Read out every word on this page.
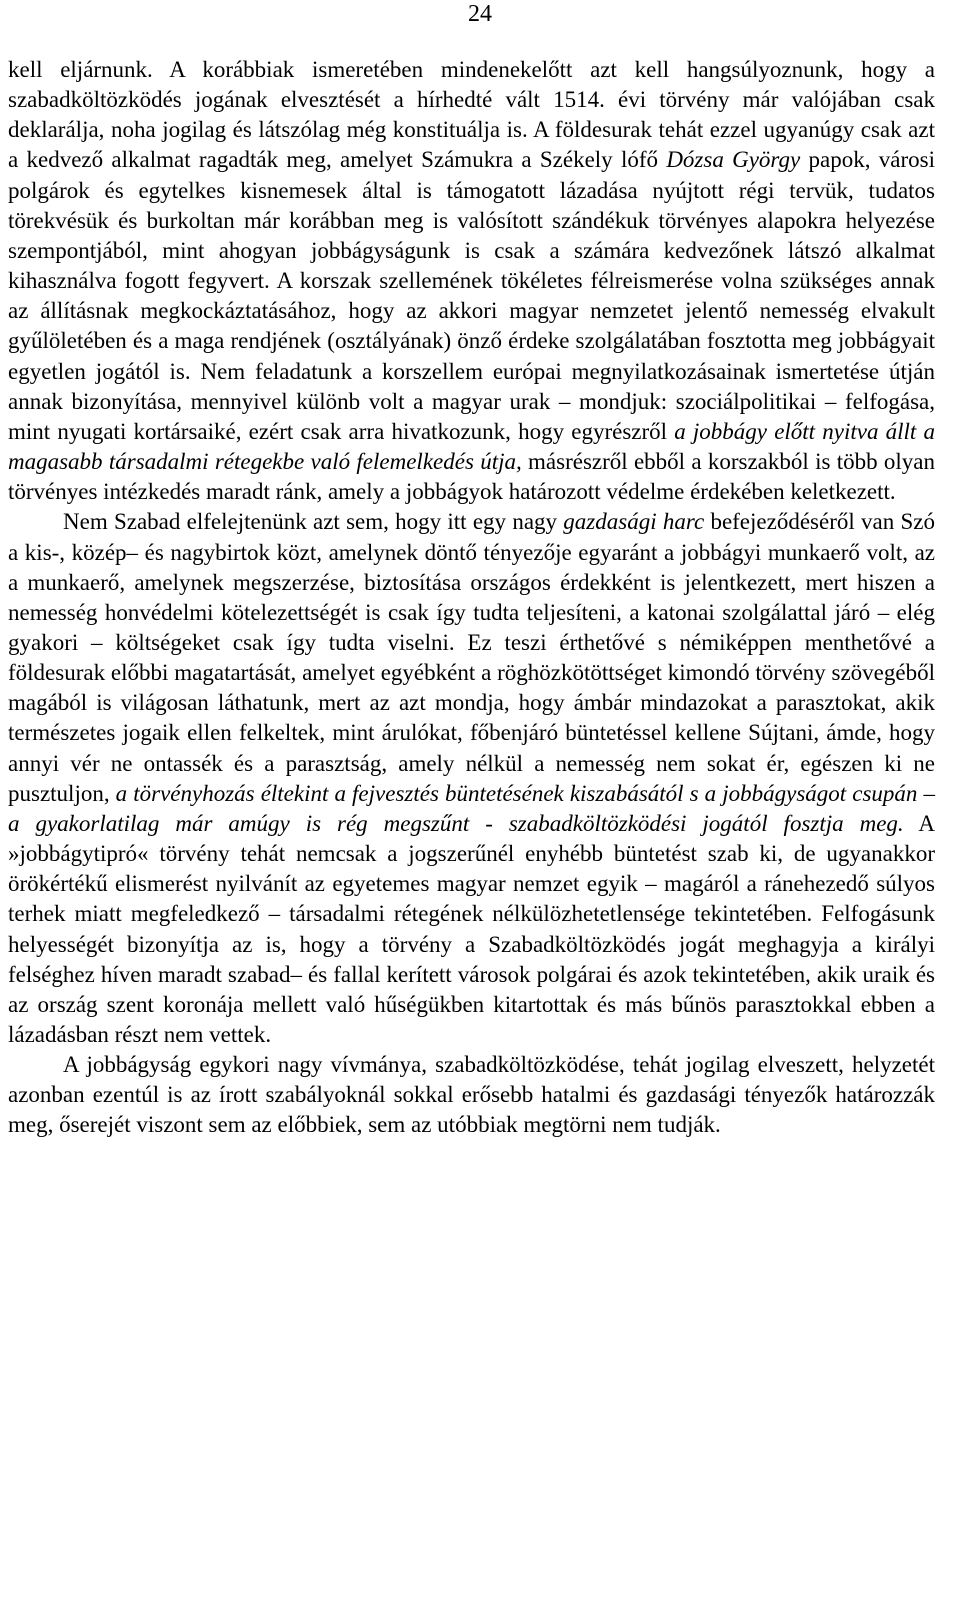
24

kell eljárnunk. A korábbiak ismeretében mindenekelőtt azt kell hangsúlyoznunk, hogy a szabadköltözködés jogának elvesztését a hírhedté vált 1514. évi törvény már valójában csak deklarálja, noha jogilag és látszólag még konstituálja is. A földesurak tehát ezzel ugyanúgy csak azt a kedvező alkalmat ragadták meg, amelyet Számukra a Székely lófő Dózsa György papok, városi polgárok és egytelkes kisnemesek által is támogatott lázadása nyújtott régi tervük, tudatos törekvésük és burkoltan már korábban meg is valósított szándékuk törvényes alapokra helyezése szempontjából, mint ahogyan jobbágyságunk is csak a számára kedvezőnek látszó alkalmat kihasználva fogott fegyvert. A korszak szellemének tökéletes félreismerése volna szükséges annak az állításnak megkockáztatásához, hogy az akkori magyar nemzetet jelentő nemesség elvakult gyűlöletében és a maga rendjének (osztályának) önző érdeke szolgálatában fosztotta meg jobbágyait egyetlen jogától is. Nem feladatunk a korszellem európai megnyilatkozásainak ismertetése útján annak bizonyítása, mennyivel különb volt a magyar urak – mondjuk: szociálpolitikai – felfogása, mint nyugati kortársaiké, ezért csak arra hivatkozunk, hogy egyrészről a jobbágy előtt nyitva állt a magasabb társadalmi rétegekbe való felemelkedés útja, másrészről ebből a korszakból is több olyan törvényes intézkedés maradt ránk, amely a jobbágyok határozott védelme érdekében keletkezett.

Nem Szabad elfelejtenünk azt sem, hogy itt egy nagy gazdasági harc befejeződéséről van Szó a kis-, közép– és nagybirtok közt, amelynek döntő tényezője egyaránt a jobbágyi munkaerő volt, az a munkaerő, amelynek megszerzése, biztosítása országos érdekként is jelentkezett, mert hiszen a nemesség honvédelmi kötelezettségét is csak így tudta teljesíteni, a katonai szolgálattal járó – elég gyakori – költségeket csak így tudta viselni. Ez teszi érthetővé s némiképpen menthetővé a földesurak előbbi magatartását, amelyet egyébként a röghözkötöttséget kimondó törvény szövegéből magából is világosan láthatunk, mert az azt mondja, hogy ámbár mindazokat a parasztokat, akik természetes jogaik ellen felkeltek, mint árulókat, főbenjáró büntetéssel kellene Sújtani, ámde, hogy annyi vér ne ontassék és a parasztság, amely nélkül a nemesség nem sokat ér, egészen ki ne pusztuljon, a törvényhozás éltekint a fejvesztés büntetésének kiszabásától s a jobbágyságot csupán – a gyakorlatilag már amúgy is rég megszűnt - szabadköltözködési jogától fosztja meg. A »jobbágytipró« törvény tehát nemcsak a jogszerűnél enyhébb büntetést szab ki, de ugyanakkor örökértékű elismerést nyilvánít az egyetemes magyar nemzet egyik – magáról a ránehezedő súlyos terhek miatt megfeledkező – társadalmi rétegének nélkülözhetetlensége tekintetében. Felfogásunk helyességét bizonyítja az is, hogy a törvény a Szabadköltözködés jogát meghagyja a királyi felséghez híven maradt szabad– és fallal kerített városok polgárai és azok tekintetében, akik uraik és az ország szent koronája mellett való hűségükben kitartottak és más bűnös parasztokkal ebben a lázadásban részt nem vettek.

A jobbágyság egykori nagy vívmánya, szabadköltözködése, tehát jogilag elveszett, helyzetét azonban ezentúl is az írott szabályoknál sokkal erősebb hatalmi és gazdasági tényezők határozzák meg, őserejét viszont sem az előbbiek, sem az utóbbiak megtörni nem tudják.
